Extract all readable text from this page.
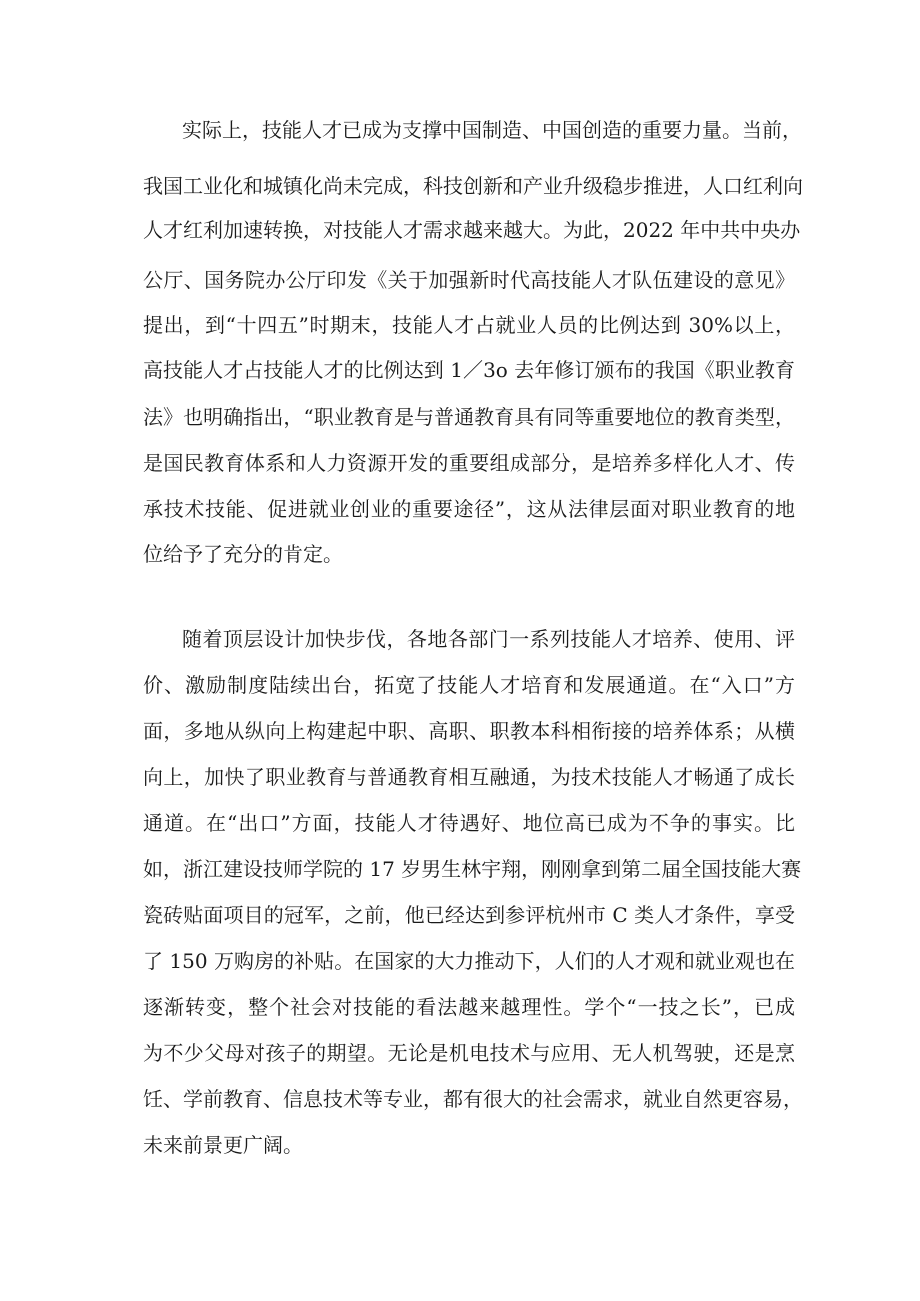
实际上，技能人才已成为支撑中国制造、中国创造的重要力量。当前，
我国工业化和城镇化尚未完成，科技创新和产业升级稳步推进，人口红利向
人才红利加速转换，对技能人才需求越来越大。为此，2022 年中共中央办
公厅、国务院办公厅印发《关于加强新时代高技能人才队伍建设的意见》
提出，到“十四五”时期末，技能人才占就业人员的比例达到 30%以上，
高技能人才占技能人才的比例达到 1／3o 去年修订颁布的我国《职业教育
法》也明确指出，“职业教育是与普通教育具有同等重要地位的教育类型，
是国民教育体系和人力资源开发的重要组成部分，是培养多样化人才、传
承技术技能、促进就业创业的重要途径”，这从法律层面对职业教育的地
位给予了充分的肯定。
随着顶层设计加快步伐，各地各部门一系列技能人才培养、使用、评
价、激励制度陆续出台，拓宽了技能人才培育和发展通道。在“入口”方
面，多地从纵向上构建起中职、高职、职教本科相衔接的培养体系；从横
向上，加快了职业教育与普通教育相互融通，为技术技能人才畅通了成长
通道。在“出口”方面，技能人才待遇好、地位高已成为不争的事实。比
如，浙江建设技师学院的 17 岁男生林宇翔，刚刚拿到第二届全国技能大赛
瓷砖贴面项目的冠军，之前，他已经达到参评杭州市 C 类人才条件，享受
了 150 万购房的补贴。在国家的大力推动下，人们的人才观和就业观也在
逐渐转变，整个社会对技能的看法越来越理性。学个“一技之长”，已成
为不少父母对孩子的期望。无论是机电技术与应用、无人机驾驶，还是烹
饪、学前教育、信息技术等专业，都有很大的社会需求，就业自然更容易，
未来前景更广阔。
